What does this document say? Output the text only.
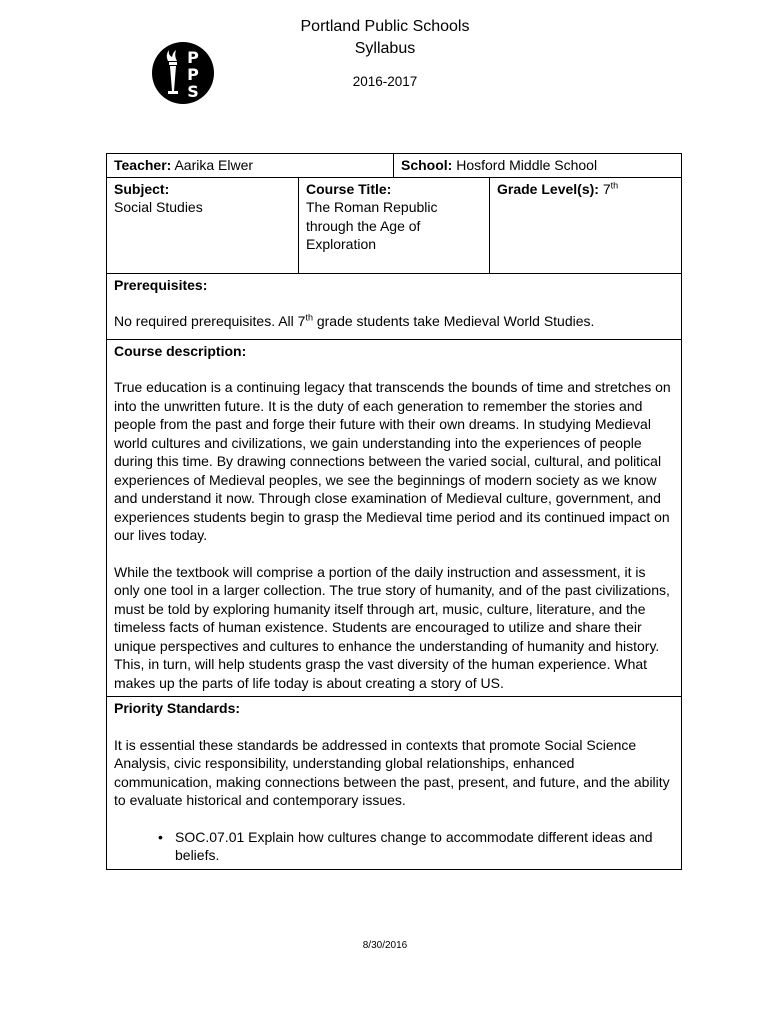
P
P
S
Portland Public Schools
Syllabus
2016-2017
Teacher: Aarika Elwer	School: Hosford Middle School
Subject:
Social Studies
Course Title:
The Roman Republic
through the Age of
Exploration
Grade Level(s): 7th
Prerequisites:

No required prerequisites. All 7th grade students take Medieval World Studies.

Course description:

True education is a continuing legacy that transcends the bounds of time and stretches on into the unwritten future. It is the duty of each generation to remember the stories and people from the past and forge their future with their own dreams. In studying Medieval world cultures and civilizations, we gain understanding into the experiences of people during this time. By drawing connections between the varied social, cultural, and political experiences of Medieval peoples, we see the beginnings of modern society as we know and understand it now. Through close examination of Medieval culture, government, and experiences students begin to grasp the Medieval time period and its continued impact on our lives today.

While the textbook will comprise a portion of the daily instruction and assessment, it is only one tool in a larger collection. The true story of humanity, and of the past civilizations, must be told by exploring humanity itself through art, music, culture, literature, and the timeless facts of human existence. Students are encouraged to utilize and share their unique perspectives and cultures to enhance the understanding of humanity and history. This, in turn, will help students grasp the vast diversity of the human experience. What makes up the parts of life today is about creating a story of US.

Priority Standards:

It is essential these standards be addressed in contexts that promote Social Science Analysis, civic responsibility, understanding global relationships, enhanced communication, making connections between the past, present, and future, and the ability to evaluate historical and contemporary issues.

• SOC.07.01 Explain how cultures change to accommodate different ideas and beliefs.
8/30/2016
